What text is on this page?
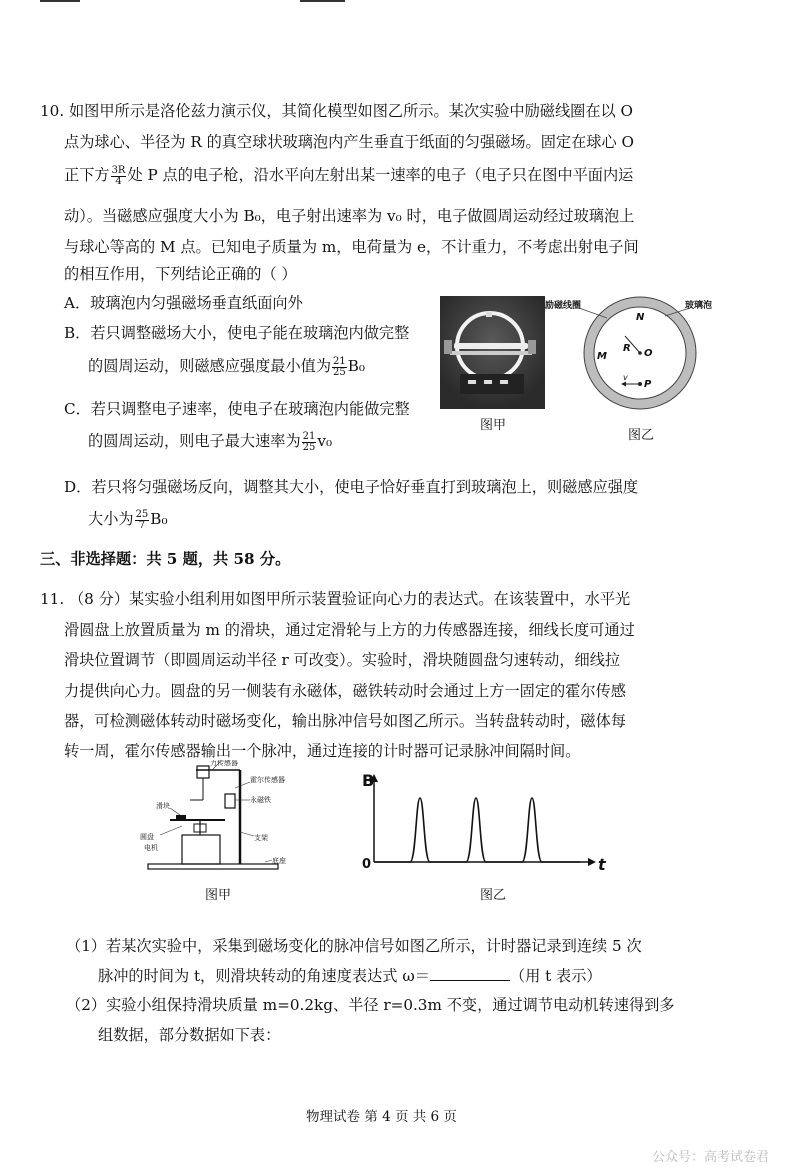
10. 如图甲所示是洛伦兹力演示仪，其简化模型如图乙所示。某次实验中励磁线圈在以 O
点为球心、半径为 R 的真空球状玻璃泡内产生垂直于纸面的匀强磁场。固定在球心 O
正下方 $\frac{3R}{4}$ 处 P 点的电子枪，沿水平向左射出某一速率的电子（电子只在图中平面内运
动）。当磁感应强度大小为 B₀，电子射出速率为 v₀ 时，电子做圆周运动经过玻璃泡上
与球心等高的 M 点。已知电子质量为 m，电荷量为 e，不计重力，不考虑出射电子间
的相互作用，下列结论正确的（ ）
A．玻璃泡内匀强磁场垂直纸面向外
B．若只调整磁场大小，使电子能在玻璃泡内做完整
的圆周运动，则磁感应强度最小值为 $\frac{21}{25} B_0$
C．若只调整电子速率，使电子在玻璃泡内能做完整
的圆周运动，则电子最大速率为 $\frac{21}{25} v_0$
D．若只将匀强磁场反向，调整其大小，使电子恰好垂直打到玻璃泡上，则磁感应强度
大小为 $\frac{25}{7} B_0$
图甲
励磁线圈	玻璃泡
N
R O
M
P
v
图乙
三、非选择题：共 5 题，共 58 分。
11. （8 分）某实验小组利用如图甲所示装置验证向心力的表达式。在该装置中，水平光
滑圆盘上放置质量为 m 的滑块，通过定滑轮与上方的力传感器连接，细线长度可通过
滑块位置调节（即圆周运动半径 r 可改变）。实验时，滑块随圆盘匀速转动，细线拉
力提供向心力。圆盘的另一侧装有永磁体，磁铁转动时会通过上方一固定的霍尔传感
器，可检测磁体转动时磁场变化，输出脉冲信号如图乙所示。当转盘转动时，磁体每
转一周，霍尔传感器输出一个脉冲，通过连接的计时器可记录脉冲间隔时间。
力传感器
霍尔传感器
永磁铁
滑块
圆盘
电机
支架
底座
图甲
B
0	t
图乙
（1）若某次实验中，采集到磁场变化的脉冲信号如图乙所示，计时器记录到连续 5 次
脉冲的时间为 t，则滑块转动的角速度表达式 ω＝	（用 t 表示）
（2）实验小组保持滑块质量 m=0.2kg、半径 r=0.3m 不变，通过调节电动机转速得到多
组数据，部分数据如下表：
物理试卷 第 4 页 共 6 页
公众号：高考试卷君
